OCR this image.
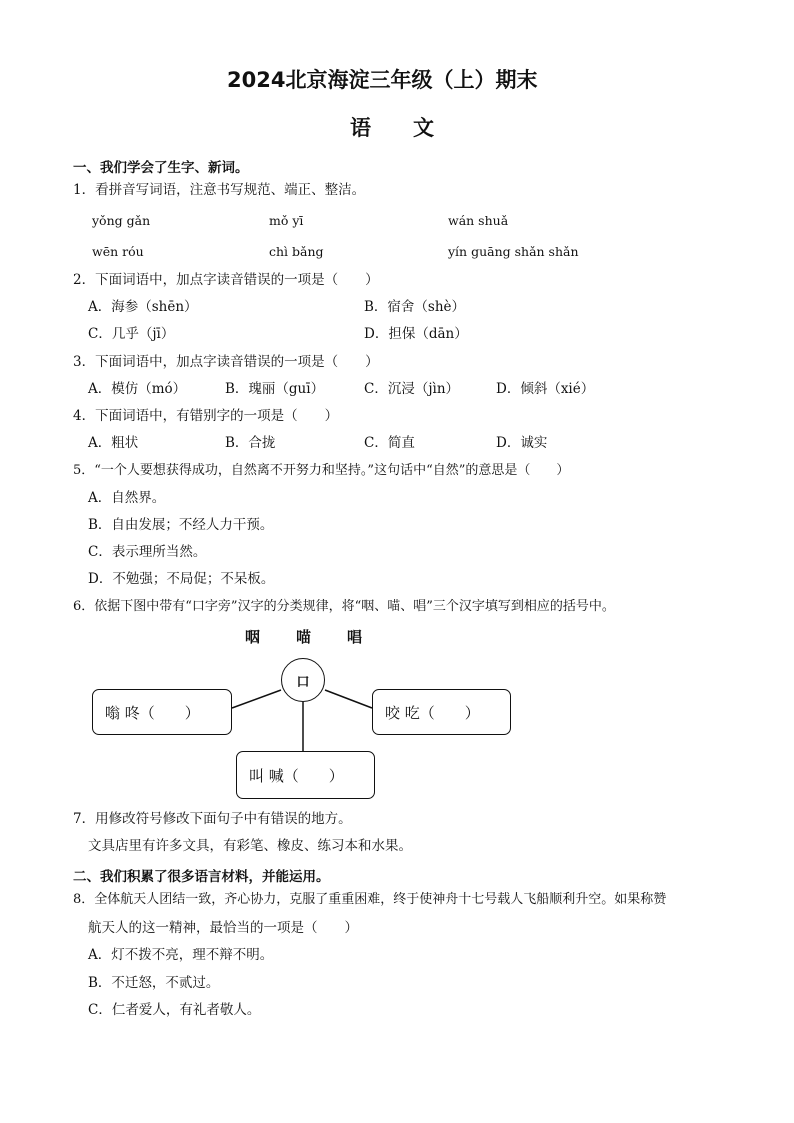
2024北京海淀三年级（上）期末
语　　文
一、我们学会了生字、新词。
1．看拼音写词语，注意书写规范、端正、整洁。
yǒng gǎn	mǒ yī	wán shuǎ
wēn róu	chì bǎng	yín guāng shǎn shǎn
2．下面词语中，加点字读音错误的一项是（　　）
A．海参（shēn）	B．宿舍（shè）
C．几乎（jī）	D．担保（dān）
3．下面词语中，加点字读音错误的一项是（　　）
A．模仿（mó）	B．瑰丽（guī）	C．沉浸（jìn）	D．倾斜（xié）
4．下面词语中，有错别字的一项是（　　）
A．粗状	B．合拢	C．简直	D．诚实
5．“一个人要想获得成功，自然离不开努力和坚持。”这句话中“自然”的意思是（　　）
A．自然界。
B．自由发展；不经人力干预。
C．表示理所当然。
D．不勉强；不局促；不呆板。
6．依据下图中带有“口字旁”汉字的分类规律，将“咽、喵、唱”三个汉字填写到相应的括号中。
咽 喵 唱
口
嗡 咚（　　）	咬 吃（　　）
叫 喊（　　）
7．用修改符号修改下面句子中有错误的地方。
文具店里有许多文具，有彩笔、橡皮、练习本和水果。
二、我们积累了很多语言材料，并能运用。
8．全体航天人团结一致，齐心协力，克服了重重困难，终于使神舟十七号载人飞船顺利升空。如果称赞
航天人的这一精神，最恰当的一项是（　　）
A．灯不拨不亮，理不辩不明。
B．不迁怒，不贰过。
C．仁者爱人，有礼者敬人。
